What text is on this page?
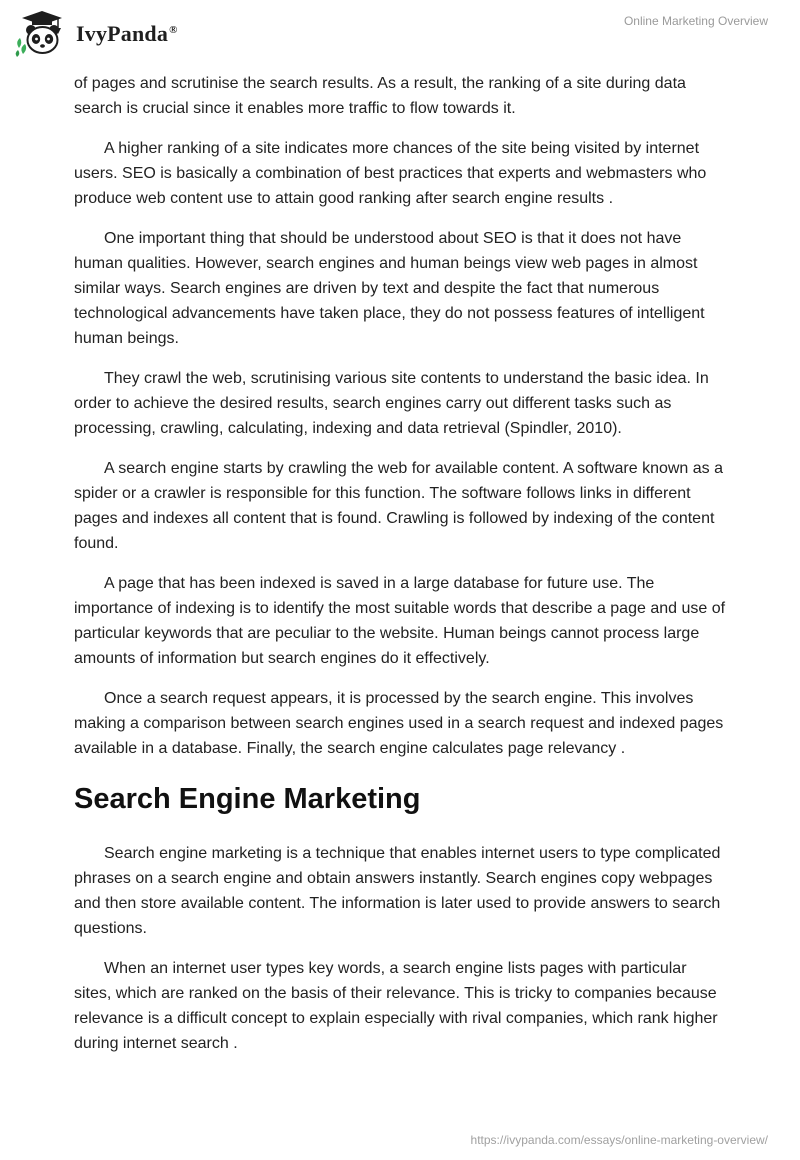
IvyPanda®
Online Marketing Overview

of pages and scrutinise the search results. As a result, the ranking of a site during data search is crucial since it enables more traffic to flow towards it.

A higher ranking of a site indicates more chances of the site being visited by internet users. SEO is basically a combination of best practices that experts and webmasters who produce web content use to attain good ranking after search engine results .

One important thing that should be understood about SEO is that it does not have human qualities. However, search engines and human beings view web pages in almost similar ways. Search engines are driven by text and despite the fact that numerous technological advancements have taken place, they do not possess features of intelligent human beings.

They crawl the web, scrutinising various site contents to understand the basic idea. In order to achieve the desired results, search engines carry out different tasks such as processing, crawling, calculating, indexing and data retrieval (Spindler, 2010).

A search engine starts by crawling the web for available content. A software known as a spider or a crawler is responsible for this function. The software follows links in different pages and indexes all content that is found. Crawling is followed by indexing of the content found.

A page that has been indexed is saved in a large database for future use. The importance of indexing is to identify the most suitable words that describe a page and use of particular keywords that are peculiar to the website. Human beings cannot process large amounts of information but search engines do it effectively.

Once a search request appears, it is processed by the search engine. This involves making a comparison between search engines used in a search request and indexed pages available in a database. Finally, the search engine calculates page relevancy .

Search Engine Marketing

Search engine marketing is a technique that enables internet users to type complicated phrases on a search engine and obtain answers instantly. Search engines copy webpages and then store available content. The information is later used to provide answers to search questions.

When an internet user types key words, a search engine lists pages with particular sites, which are ranked on the basis of their relevance. This is tricky to companies because relevance is a difficult concept to explain especially with rival companies, which rank higher during internet search .

https://ivypanda.com/essays/online-marketing-overview/
